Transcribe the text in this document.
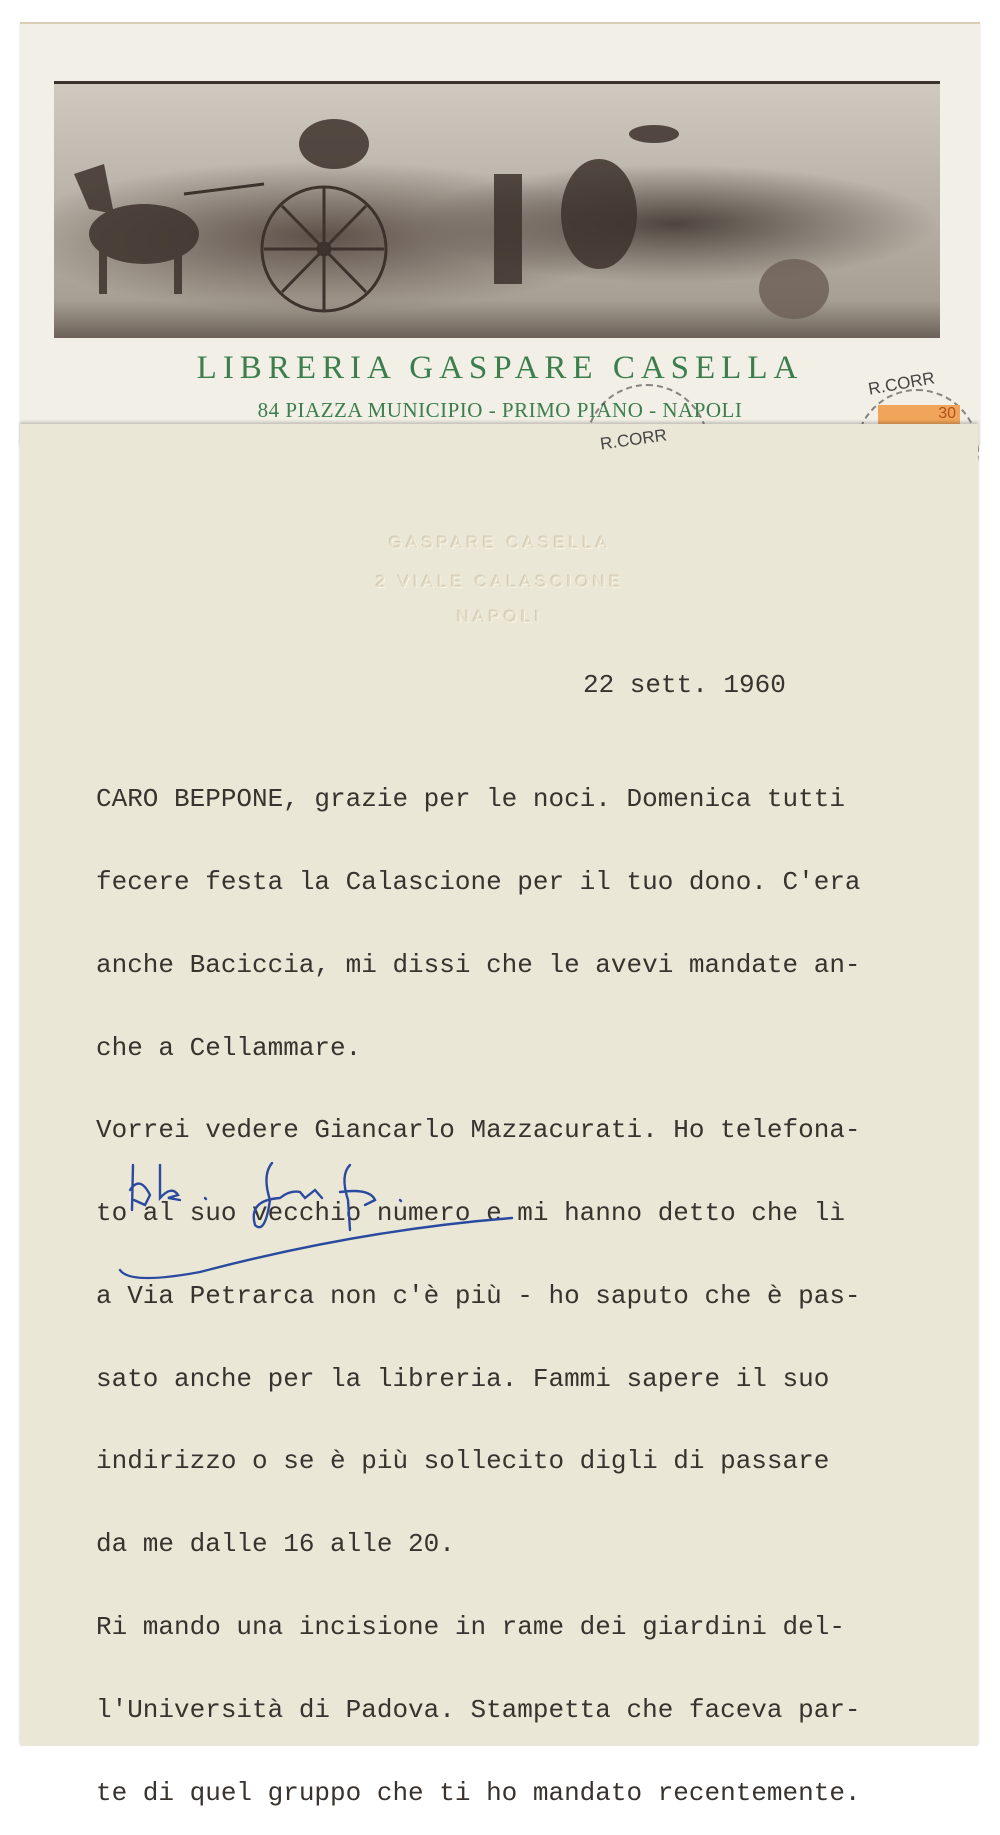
LIBRERIA GASPARE CASELLA
84 PIAZZA MUNICIPIO - PRIMO PIANO - NAPOLI
R.CORR
30
R.CORR
GASPARE CASELLA
2 VIALE CALASCIONE
NAPOLI
22 sett. 1960

CARO BEPPONE, grazie per le noci. Domenica tutti

fecere festa la Calascione per il tuo dono. C'era

anche Baciccia, mi dissi che le avevi mandate an-

che a Cellammare.

Vorrei vedere Giancarlo Mazzacurati. Ho telefona-

to al suo vecchio numero e mi hanno detto che lì

a Via Petrarca non c'è più - ho saputo che è pas-

sato anche per la libreria. Fammi sapere il suo

indirizzo o se è più sollecito digli di passare

da me dalle 16 alle 20.

Ri mando una incisione in rame dei giardini del-

l'Università di Padova. Stampetta che faceva par-

te di quel gruppo che ti ho mandato recentemente.
